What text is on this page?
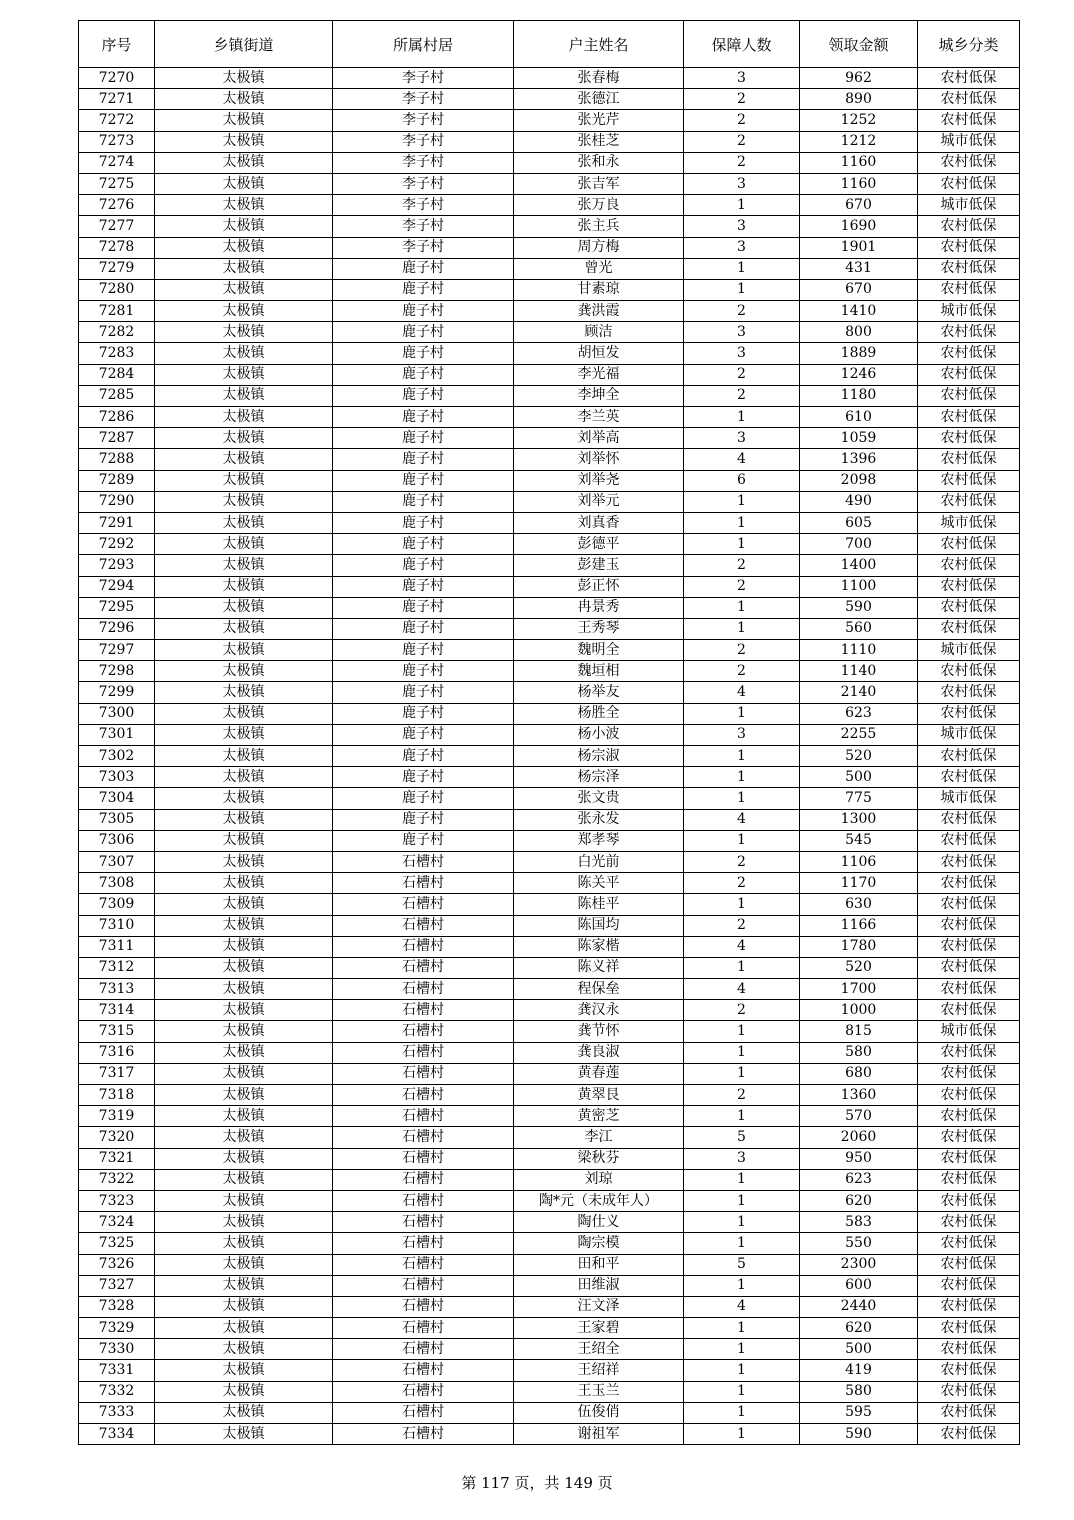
序号	乡镇街道	所属村居	户主姓名	保障人数	领取金额	城乡分类
7270	太极镇	李子村	张春梅	3	962	农村低保
7271	太极镇	李子村	张德江	2	890	农村低保
7272	太极镇	李子村	张光芹	2	1252	农村低保
7273	太极镇	李子村	张桂芝	2	1212	城市低保
7274	太极镇	李子村	张和永	2	1160	农村低保
7275	太极镇	李子村	张吉军	3	1160	农村低保
7276	太极镇	李子村	张万良	1	670	城市低保
7277	太极镇	李子村	张主兵	3	1690	农村低保
7278	太极镇	李子村	周方梅	3	1901	农村低保
7279	太极镇	鹿子村	曾光	1	431	农村低保
7280	太极镇	鹿子村	甘素琼	1	670	农村低保
7281	太极镇	鹿子村	龚洪霞	2	1410	城市低保
7282	太极镇	鹿子村	顾洁	3	800	农村低保
7283	太极镇	鹿子村	胡恒发	3	1889	农村低保
7284	太极镇	鹿子村	李光福	2	1246	农村低保
7285	太极镇	鹿子村	李坤全	2	1180	农村低保
7286	太极镇	鹿子村	李兰英	1	610	农村低保
7287	太极镇	鹿子村	刘举高	3	1059	农村低保
7288	太极镇	鹿子村	刘举怀	4	1396	农村低保
7289	太极镇	鹿子村	刘举尧	6	2098	农村低保
7290	太极镇	鹿子村	刘举元	1	490	农村低保
7291	太极镇	鹿子村	刘真香	1	605	城市低保
7292	太极镇	鹿子村	彭德平	1	700	农村低保
7293	太极镇	鹿子村	彭建玉	2	1400	农村低保
7294	太极镇	鹿子村	彭正怀	2	1100	农村低保
7295	太极镇	鹿子村	冉景秀	1	590	农村低保
7296	太极镇	鹿子村	王秀琴	1	560	农村低保
7297	太极镇	鹿子村	魏明全	2	1110	城市低保
7298	太极镇	鹿子村	魏垣相	2	1140	农村低保
7299	太极镇	鹿子村	杨举友	4	2140	农村低保
7300	太极镇	鹿子村	杨胜全	1	623	农村低保
7301	太极镇	鹿子村	杨小波	3	2255	城市低保
7302	太极镇	鹿子村	杨宗淑	1	520	农村低保
7303	太极镇	鹿子村	杨宗泽	1	500	农村低保
7304	太极镇	鹿子村	张文贵	1	775	城市低保
7305	太极镇	鹿子村	张永发	4	1300	农村低保
7306	太极镇	鹿子村	郑孝琴	1	545	农村低保
7307	太极镇	石槽村	白光前	2	1106	农村低保
7308	太极镇	石槽村	陈关平	2	1170	农村低保
7309	太极镇	石槽村	陈桂平	1	630	农村低保
7310	太极镇	石槽村	陈国均	2	1166	农村低保
7311	太极镇	石槽村	陈家楷	4	1780	农村低保
7312	太极镇	石槽村	陈义祥	1	520	农村低保
7313	太极镇	石槽村	程保垒	4	1700	农村低保
7314	太极镇	石槽村	龚汉永	2	1000	农村低保
7315	太极镇	石槽村	龚节怀	1	815	城市低保
7316	太极镇	石槽村	龚良淑	1	580	农村低保
7317	太极镇	石槽村	黄春莲	1	680	农村低保
7318	太极镇	石槽村	黄翠艮	2	1360	农村低保
7319	太极镇	石槽村	黄密芝	1	570	农村低保
7320	太极镇	石槽村	李江	5	2060	农村低保
7321	太极镇	石槽村	梁秋芬	3	950	农村低保
7322	太极镇	石槽村	刘琼	1	623	农村低保
7323	太极镇	石槽村	陶*元（未成年人）	1	620	农村低保
7324	太极镇	石槽村	陶仕义	1	583	农村低保
7325	太极镇	石槽村	陶宗模	1	550	农村低保
7326	太极镇	石槽村	田和平	5	2300	农村低保
7327	太极镇	石槽村	田维淑	1	600	农村低保
7328	太极镇	石槽村	汪文泽	4	2440	农村低保
7329	太极镇	石槽村	王家碧	1	620	农村低保
7330	太极镇	石槽村	王绍全	1	500	农村低保
7331	太极镇	石槽村	王绍祥	1	419	农村低保
7332	太极镇	石槽村	王玉兰	1	580	农村低保
7333	太极镇	石槽村	伍俊俏	1	595	农村低保
7334	太极镇	石槽村	谢祖军	1	590	农村低保
第 117 页，共 149 页
